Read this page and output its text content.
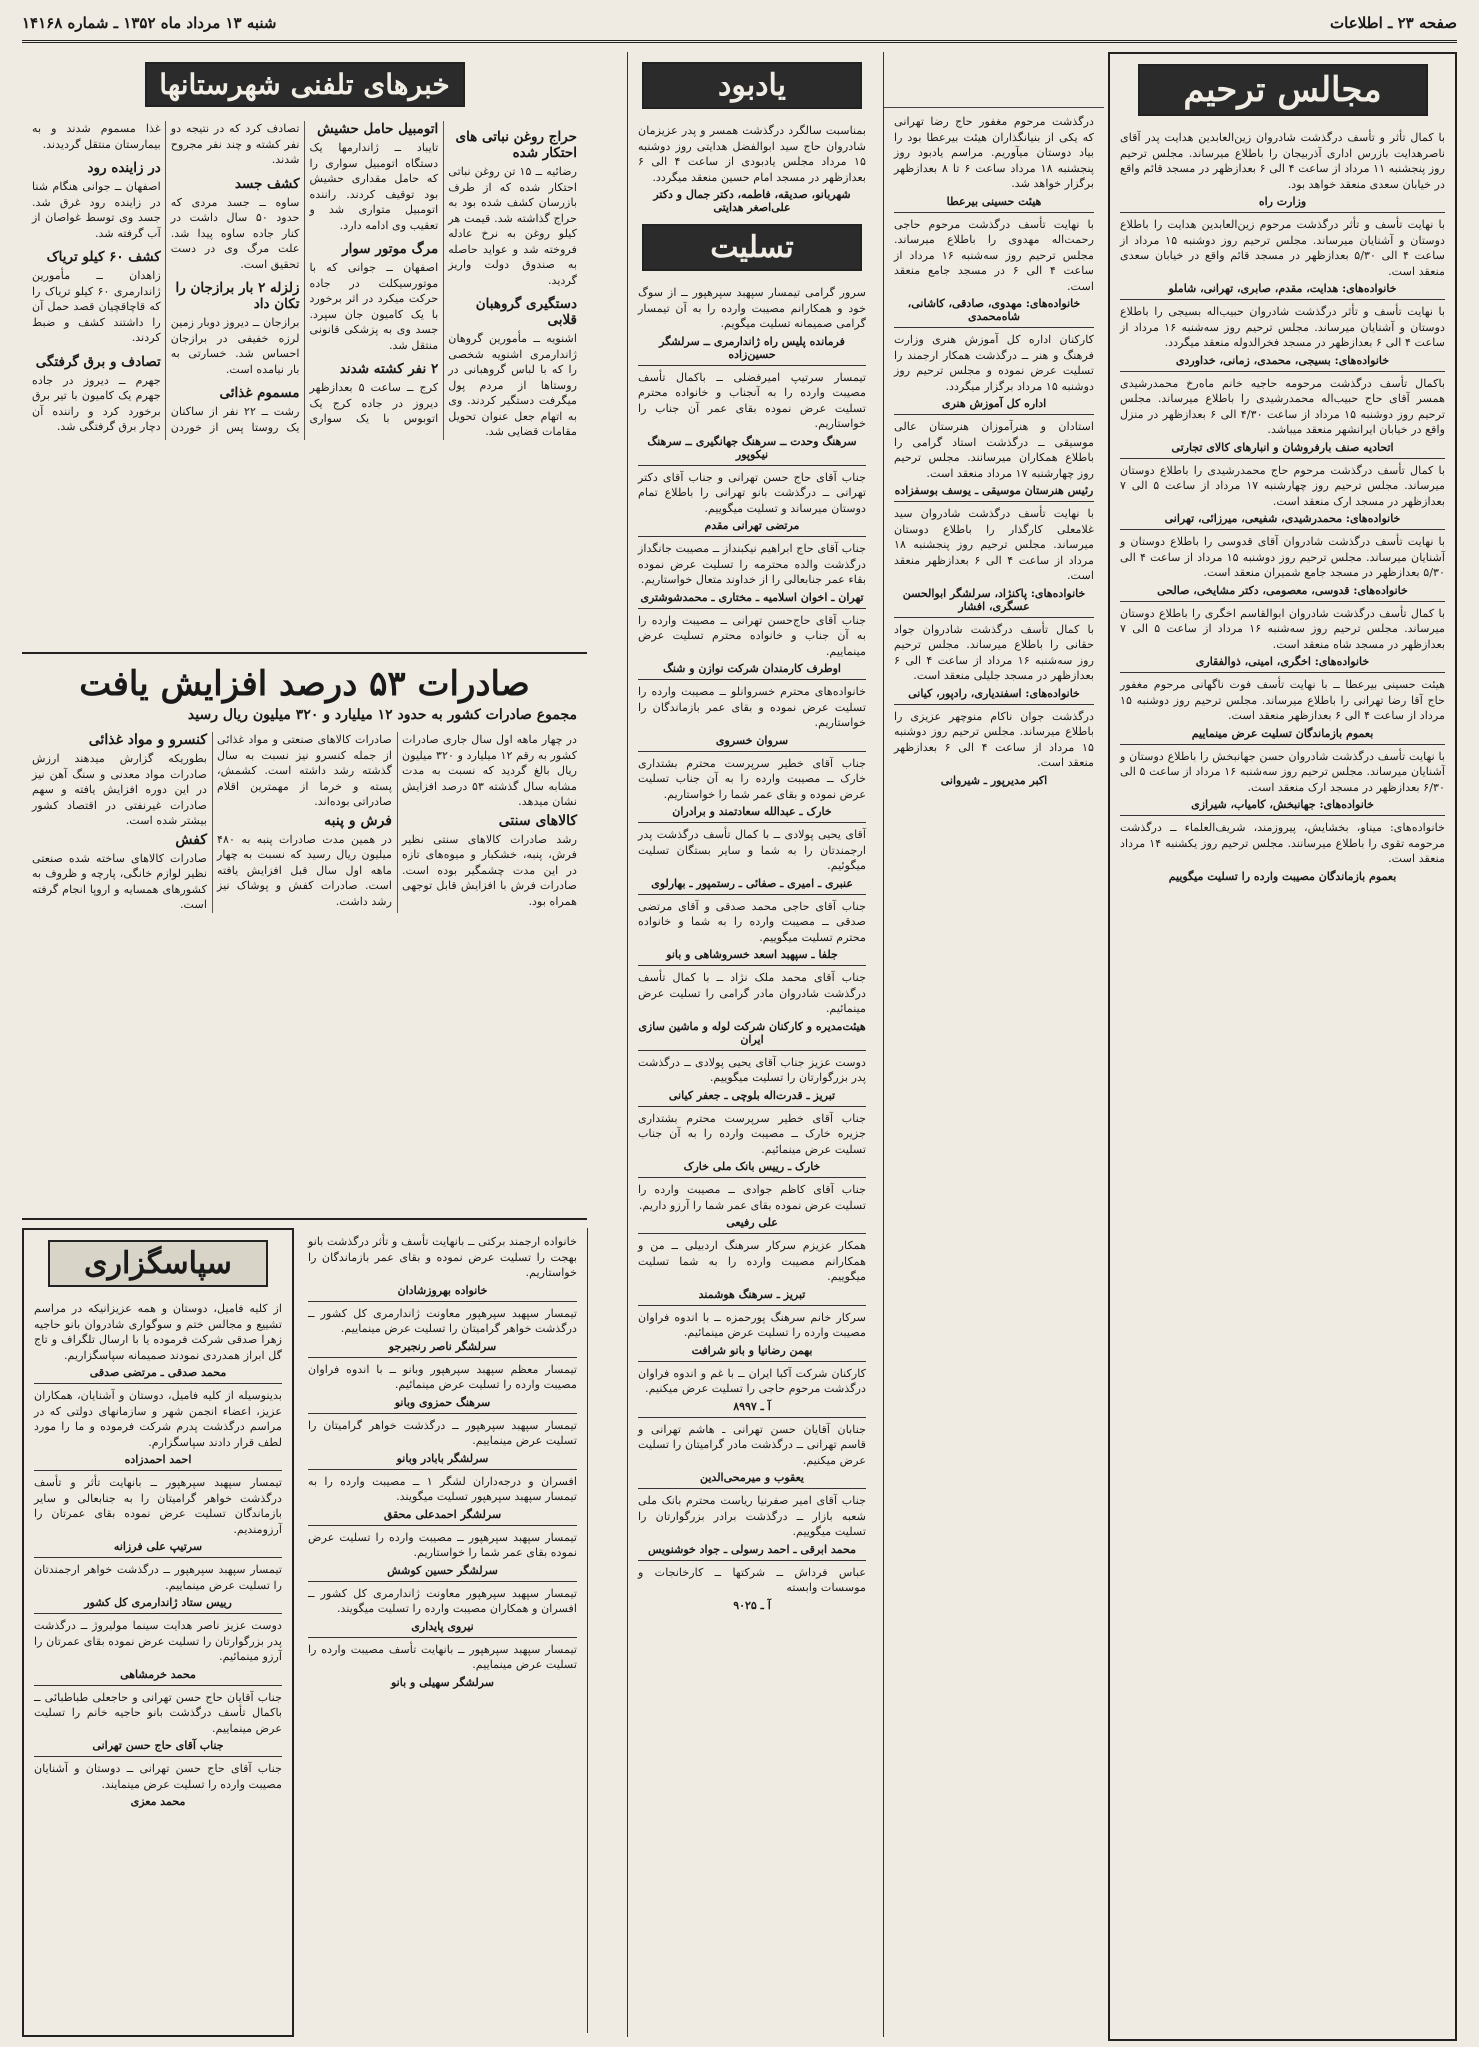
صفحه ۲۳ ـ اطلاعات
شنبه ۱۳ مرداد ماه ۱۳۵۲ ـ شماره ۱۴۱۶۸
مجالس ترحیم

با کمال تأثر و تأسف درگذشت شادروان زین‌العابدین هدایت پدر آقای ناصرهدایت بازرس اداری آذربیجان را باطلاع میرساند. مجلس ترحیم روز پنجشنبه ۱۱ مرداد از ساعت ۴ الی ۶ بعدازظهر در مسجد قائم واقع در خیابان سعدی منعقد خواهد بود.

وزارت راه

با نهایت تأسف و تأثر درگذشت مرحوم زین‌العابدین هدایت را باطلاع دوستان و آشنایان میرساند. مجلس ترحیم روز دوشنبه ۱۵ مرداد از ساعت ۴ الی ۵/۳۰ بعدازظهر در مسجد قائم واقع در خیابان سعدی منعقد است.

خانواده‌های: هدایت، مقدم، صابری، تهرانی، شاملو

با نهایت تأسف و تأثر درگذشت شادروان حبیب‌اله بسیجی را باطلاع دوستان و آشنایان میرساند. مجلس ترحیم روز سه‌شنبه ۱۶ مرداد از ساعت ۴ الی ۶ بعدازظهر در مسجد فخرالدوله منعقد میگردد.

خانواده‌های: بسیجی، محمدی، زمانی، خداوردی

باکمال تأسف درگذشت مرحومه حاجیه خانم ماه‌رخ محمدرشیدی همسر آقای حاج حبیب‌اله محمدرشیدی را باطلاع میرساند. مجلس ترحیم روز دوشنبه ۱۵ مرداد از ساعت ۴/۳۰ الی ۶ بعدازظهر در منزل واقع در خیابان ایرانشهر منعقد میباشد.

اتحادیه صنف بارفروشان و انبارهای کالای تجارتی

با کمال تأسف درگذشت مرحوم حاج محمدرشیدی را باطلاع دوستان میرساند. مجلس ترحیم روز چهارشنبه ۱۷ مرداد از ساعت ۵ الی ۷ بعدازظهر در مسجد ارک منعقد است.

خانواده‌های: محمدرشیدی، شفیعی، میرزائی، تهرانی

با نهایت تأسف درگذشت شادروان آقای قدوسی را باطلاع دوستان و آشنایان میرساند. مجلس ترحیم روز دوشنبه ۱۵ مرداد از ساعت ۴ الی ۵/۳۰ بعدازظهر در مسجد جامع شمیران منعقد است.

خانواده‌های: قدوسی، معصومی، دکتر مشایخی، صالحی

با کمال تأسف درگذشت شادروان ابوالقاسم اخگری را باطلاع دوستان میرساند. مجلس ترحیم روز سه‌شنبه ۱۶ مرداد از ساعت ۵ الی ۷ بعدازظهر در مسجد شاه منعقد است.

خانواده‌های: اخگری، امینی، ذوالفقاری

هیئت حسینی بیرعطا ــ با نهایت تأسف فوت ناگهانی مرحوم مغفور حاج آقا رضا تهرانی را باطلاع میرساند. مجلس ترحیم روز دوشنبه ۱۵ مرداد از ساعت ۴ الی ۶ بعدازظهر منعقد است.

بعموم بازماندگان تسلیت عرض مینماییم

با نهایت تأسف درگذشت شادروان حسن جهانبخش را باطلاع دوستان و آشنایان میرساند. مجلس ترحیم روز سه‌شنبه ۱۶ مرداد از ساعت ۵ الی ۶/۳۰ بعدازظهر در مسجد ارک منعقد است.

خانواده‌های: جهانبخش، کامیاب، شیرازی

خانواده‌های: میناو، بخشایش، پیروزمند، شریف‌العلماء ــ درگذشت مرحومه تقوی را باطلاع میرسانند. مجلس ترحیم روز یکشنبه ۱۴ مرداد منعقد است.

بعموم بازماندگان مصیبت وارده را تسلیت میگوییم

درگذشت مرحوم مغفور حاج رضا تهرانی که یکی از بنیانگذاران هیئت بیرعطا بود را بیاد دوستان میآوریم. مراسم یادبود روز پنجشنبه ۱۸ مرداد ساعت ۶ تا ۸ بعدازظهر برگزار خواهد شد.

هیئت حسینی بیرعطا

با نهایت تأسف درگذشت مرحوم حاجی رحمت‌اله مهدوی را باطلاع میرساند. مجلس ترحیم روز سه‌شنبه ۱۶ مرداد از ساعت ۴ الی ۶ در مسجد جامع منعقد است.

خانواده‌های: مهدوی، صادقی، کاشانی، شاه‌محمدی

کارکنان اداره کل آموزش هنری وزارت فرهنگ و هنر ــ درگذشت همکار ارجمند را تسلیت عرض نموده و مجلس ترحیم روز دوشنبه ۱۵ مرداد برگزار میگردد.

اداره کل آموزش هنری

استادان و هنرآموزان هنرستان عالی موسیقی ــ درگذشت استاد گرامی را باطلاع همکاران میرسانند. مجلس ترحیم روز چهارشنبه ۱۷ مرداد منعقد است.

رئیس هنرستان موسیقی ـ یوسف بوسفزاده

با نهایت تأسف درگذشت شادروان سید غلامعلی کارگذار را باطلاع دوستان میرساند. مجلس ترحیم روز پنجشنبه ۱۸ مرداد از ساعت ۴ الی ۶ بعدازظهر منعقد است.

خانواده‌های: پاکنژاد، سرلشگر ابوالحسن عسگری، افشار

با کمال تأسف درگذشت شادروان جواد حقانی را باطلاع میرساند. مجلس ترحیم روز سه‌شنبه ۱۶ مرداد از ساعت ۴ الی ۶ بعدازظهر در مسجد جلیلی منعقد است.

خانواده‌های: اسفندیاری، رادپور، کیانی

درگذشت جوان ناکام منوچهر عزیزی را باطلاع میرساند. مجلس ترحیم روز دوشنبه ۱۵ مرداد از ساعت ۴ الی ۶ بعدازظهر منعقد است.

اکبر مدیرپور ـ شیروانی
یادبود

بمناسبت سالگرد درگذشت همسر و پدر عزیزمان شادروان حاج سید ابوالفضل هدایتی روز دوشنبه ۱۵ مرداد مجلس یادبودی از ساعت ۴ الی ۶ بعدازظهر در مسجد امام حسین منعقد میگردد.

شهربانو، صدیقه، فاطمه، دکتر جمال و دکتر علی‌اصغر هدایتی
تسلیت

سرور گرامی تیمسار سپهبد سپرهپور ــ از سوگ خود و همکارانم مصیبت وارده را به آن تیمسار گرامی صمیمانه تسلیت میگویم.

فرمانده پلیس راه ژاندارمری ــ سرلشگر حسین‌زاده

تیمسار سرتیپ امیرفضلی ــ باکمال تأسف مصیبت وارده را به آنجناب و خانواده محترم تسلیت عرض نموده بقای عمر آن جناب را خواستاریم.

سرهنگ وحدت ــ سرهنگ جهانگیری ــ سرهنگ نیکوپور

جناب آقای حاج حسن تهرانی و جناب آقای دکتر تهرانی ــ درگذشت بانو تهرانی را باطلاع تمام دوستان میرساند و تسلیت میگوییم.

مرتضی تهرانی مقدم

جناب آقای حاج ابراهیم نیکبنداز ــ مصیبت جانگداز درگذشت والده محترمه را تسلیت عرض نموده بقاء عمر جنابعالی را از خداوند متعال خواستاریم.

تهران ـ اخوان اسلامیه ـ مختاری ـ محمدشوشتری

جناب آقای حاج‌حسن تهرانی ــ مصیبت وارده را به آن جناب و خانواده محترم تسلیت عرض مینماییم.

اوطرف کارمندان شرکت نوازن و شنگ

خانواده‌های محترم خسروانلو ــ مصیبت وارده را تسلیت عرض نموده و بقای عمر بازماندگان را خواستاریم.

سروان خسروی

جناب آقای خطیر سرپرست محترم بشتداری خارک ــ مصیبت وارده را به آن جناب تسلیت عرض نموده و بقای عمر شما را خواستاریم.

خارک ـ عبدالله سعادتمند و برادران

آقای یحیی پولادی ــ با کمال تأسف درگذشت پدر ارجمندتان را به شما و سایر بستگان تسلیت میگوئیم.

عنبری ـ امیری ـ صفائی ـ رستمپور ـ بهارلوی

جناب آقای حاجی محمد صدقی و آقای مرتضی صدقی ــ مصیبت وارده را به شما و خانواده محترم تسلیت میگوییم.

جلفا ـ سپهبد اسعد خسروشاهی و بانو

جناب آقای محمد ملک نژاد ــ با کمال تأسف درگذشت شادروان مادر گرامی را تسلیت عرض مینمائیم.

هیئت‌مدیره و کارکنان شرکت لوله و ماشین سازی ایران

دوست عزیز جناب آقای یحیی پولادی ــ درگذشت پدر بزرگوارتان را تسلیت میگوییم.

تبریز ـ قدرت‌اله بلوچی ـ جعفر کیانی

جناب آقای خطیر سرپرست محترم بشتداری جزیره خارک ــ مصیبت وارده را به آن جناب تسلیت عرض مینمائیم.

خارک ـ رییس بانک ملی خارک

جناب آقای کاظم جوادی ــ مصیبت وارده را تسلیت عرض نموده بقای عمر شما را آرزو داریم.

علی رفیعی

همکار عزیزم سرکار سرهنگ اردبیلی ــ من و همکارانم مصیبت وارده را به شما تسلیت میگوییم.

تبریز ـ سرهنگ هوشمند

سرکار خانم سرهنگ پورحمزه ــ با اندوه فراوان مصیبت وارده را تسلیت عرض مینمائیم.

بهمن رضانیا و بانو شرافت

کارکنان شرکت آکبا ایران ــ با غم و اندوه فراوان درگذشت مرحوم حاجی را تسلیت عرض میکنیم.

آ ـ ۸۹۹۷

جنابان آقایان حسن تهرانی ـ هاشم تهرانی و قاسم تهرانی ــ درگذشت مادر گرامیتان را تسلیت عرض میکنیم.

یعقوب و میرمحی‌الدین

جناب آقای امیر صفرنیا ریاست محترم بانک ملی شعبه بازار ــ درگذشت برادر بزرگوارتان را تسلیت میگوییم.

محمد ابرقی ـ احمد رسولی ـ جواد خوشنویس

عباس فرداش ــ شرکتها ــ کارخانجات و موسسات وابسته

آ ـ ۹۰۲۵
خبرهای تلفنی شهرستانها
حراج روغن نباتی های احتکار شده

رضائیه ــ ۱۵ تن روغن نباتی احتکار شده که از طرف بازرسان کشف شده بود به حراج گذاشته شد. قیمت هر کیلو روغن به نرخ عادله فروخته شد و عواید حاصله به صندوق دولت واریز گردید.

دستگیری گروهبان قلابی

اشنویه ــ مأمورین گروهان ژاندارمری اشنویه شخصی را که با لباس گروهبانی در روستاها از مردم پول میگرفت دستگیر کردند. وی به اتهام جعل عنوان تحویل مقامات قضایی شد.

اتومبیل حامل حشیش

تایباد ــ ژاندارمها یک دستگاه اتومبیل سواری را که حامل مقداری حشیش بود توقیف کردند. راننده اتومبیل متواری شد و تعقیب وی ادامه دارد.

مرگ موتور سوار

اصفهان ــ جوانی که با موتورسیکلت در جاده حرکت میکرد در اثر برخورد با یک کامیون جان سپرد. جسد وی به پزشکی قانونی منتقل شد.

۲ نفر کشته شدند

کرج ــ ساعت ۵ بعدازظهر دیروز در جاده کرج یک اتوبوس با یک سواری تصادف کرد که در نتیجه دو نفر کشته و چند نفر مجروح شدند.

کشف جسد

ساوه ــ جسد مردی که حدود ۵۰ سال داشت در کنار جاده ساوه پیدا شد. علت مرگ وی در دست تحقیق است.

زلزله ۲ بار برازجان را تکان داد

برازجان ــ دیروز دوبار زمین لرزه خفیفی در برازجان احساس شد. خسارتی به بار نیامده است.

مسموم غذائی

رشت ــ ۲۲ نفر از ساکنان یک روستا پس از خوردن غذا مسموم شدند و به بیمارستان منتقل گردیدند.

در زاینده رود

اصفهان ــ جوانی هنگام شنا در زاینده رود غرق شد. جسد وی توسط غواصان از آب گرفته شد.

کشف ۶۰ کیلو تریاک

زاهدان ــ مأمورین ژاندارمری ۶۰ کیلو تریاک را که قاچاقچیان قصد حمل آن را داشتند کشف و ضبط کردند.

تصادف و برق گرفتگی

جهرم ــ دیروز در جاده جهرم یک کامیون با تیر برق برخورد کرد و راننده آن دچار برق گرفتگی شد.

صادرات ۵۳ درصد افزایش یافت
مجموع صادرات کشور به حدود ۱۲ میلیارد و ۳۲۰ میلیون ریال رسید

در چهار ماهه اول سال جاری صادرات کشور به رقم ۱۲ میلیارد و ۳۲۰ میلیون ریال بالغ گردید که نسبت به مدت مشابه سال گذشته ۵۳ درصد افزایش نشان میدهد.

کالاهای سنتی

رشد صادرات کالاهای سنتی نظیر فرش، پنبه، خشکبار و میوه‌های تازه در این مدت چشمگیر بوده است. صادرات فرش با افزایش قابل توجهی همراه بود.

صادرات کالاهای صنعتی و مواد غذائی از جمله کنسرو نیز نسبت به سال گذشته رشد داشته است. کشمش، پسته و خرما از مهمترین اقلام صادراتی بوده‌اند.

فرش و پنبه

در همین مدت صادرات پنبه به ۴۸۰ میلیون ریال رسید که نسبت به چهار ماهه اول سال قبل افزایش یافته است. صادرات کفش و پوشاک نیز رشد داشت.

کنسرو و مواد غذائی

بطوریکه گزارش میدهند ارزش صادرات مواد معدنی و سنگ آهن نیز در این دوره افزایش یافته و سهم صادرات غیرنفتی در اقتصاد کشور بیشتر شده است.

کفش

صادرات کالاهای ساخته شده صنعتی نظیر لوازم خانگی، پارچه و ظروف به کشورهای همسایه و اروپا انجام گرفته است.

سپاسگزاری

از کلیه فامیل، دوستان و همه عزیزانیکه در مراسم تشییع و مجالس ختم و سوگواری شادروان بانو حاجیه زهرا صدقی شرکت فرموده یا با ارسال تلگراف و تاج گل ابراز همدردی نمودند صمیمانه سپاسگزاریم.

محمد صدقی ـ مرتضی صدقی

بدینوسیله از کلیه فامیل، دوستان و آشنایان، همکاران عزیز، اعضاء انجمن شهر و سازمانهای دولتی که در مراسم درگذشت پدرم شرکت فرموده و ما را مورد لطف قرار دادند سپاسگزارم.

احمد احمدزاده

تیمسار سپهبد سپرهپور ــ بانهایت تأثر و تأسف درگذشت خواهر گرامیتان را به جنابعالی و سایر بازماندگان تسلیت عرض نموده بقای عمرتان را آرزومندیم.

سرتیپ علی فرزانه

تیمسار سپهبد سپرهپور ــ درگذشت خواهر ارجمندتان را تسلیت عرض مینماییم.

رییس ستاد ژاندارمری کل کشور

دوست عزیز ناصر هدایت سینما مولیروژ ــ درگذشت پدر بزرگوارتان را تسلیت عرض نموده بقای عمرتان را آرزو مینمائیم.

محمد خرمشاهی

جناب آقایان حاج حسن تهرانی و حاجعلی طباطبائی ــ باکمال تأسف درگذشت بانو حاجیه خانم را تسلیت عرض مینماییم.

جناب آقای حاج حسن تهرانی

جناب آقای حاج حسن تهرانی ــ دوستان و آشنایان مصیبت وارده را تسلیت عرض مینمایند.

محمد معزی

خانواده ارجمند برکتی ــ بانهایت تأسف و تأثر درگذشت بانو بهجت را تسلیت عرض نموده و بقای عمر بازماندگان را خواستاریم.

خانواده بهروزشادان

تیمسار سپهبد سپرهپور معاونت ژاندارمری کل کشور ــ درگذشت خواهر گرامیتان را تسلیت عرض مینماییم.

سرلشگر ناصر رنجبرجو

تیمسار معظم سپهبد سپرهپور وبانو ــ با اندوه فراوان مصیبت وارده را تسلیت عرض مینمائیم.

سرهنگ حمزوی وبانو

تیمسار سپهبد سپرهپور ــ درگذشت خواهر گرامیتان را تسلیت عرض مینماییم.

سرلشگر بابادر وبانو

افسران و درجه‌داران لشگر ۱ ــ مصیبت وارده را به تیمسار سپهبد سپرهپور تسلیت میگویند.

سرلشگر احمدعلی محقق

تیمسار سپهبد سپرهپور ــ مصیبت وارده را تسلیت عرض نموده بقای عمر شما را خواستاریم.

سرلشگر حسین کوشش

تیمسار سپهبد سپرهپور معاونت ژاندارمری کل کشور ــ افسران و همکاران مصیبت وارده را تسلیت میگویند.

نیروی پایداری

تیمسار سپهبد سپرهپور ــ بانهایت تأسف مصیبت وارده را تسلیت عرض مینماییم.

سرلشگر سهیلی و بانو
